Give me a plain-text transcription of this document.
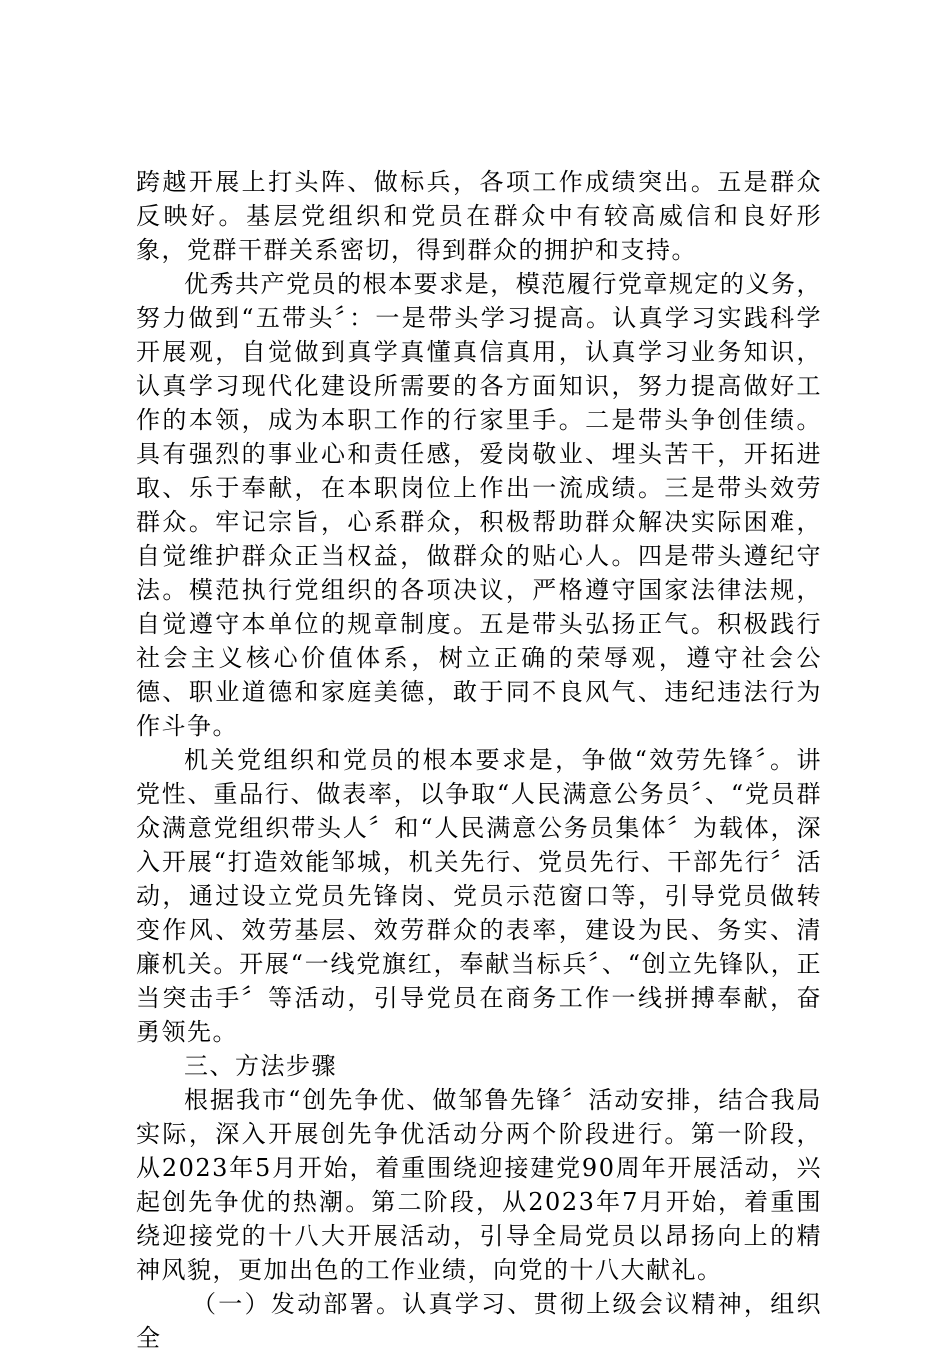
跨越开展上打头阵、做标兵，各项工作成绩突出。五是群众反映好。基层党组织和党员在群众中有较高威信和良好形象，党群干群关系密切，得到群众的拥护和支持。

优秀共产党员的根本要求是，模范履行党章规定的义务，努力做到“五带头〞：一是带头学习提高。认真学习实践科学开展观，自觉做到真学真懂真信真用，认真学习业务知识，认真学习现代化建设所需要的各方面知识，努力提高做好工作的本领，成为本职工作的行家里手。二是带头争创佳绩。具有强烈的事业心和责任感，爱岗敬业、埋头苦干，开拓进取、乐于奉献，在本职岗位上作出一流成绩。三是带头效劳群众。牢记宗旨，心系群众，积极帮助群众解决实际困难，自觉维护群众正当权益，做群众的贴心人。四是带头遵纪守法。模范执行党组织的各项决议，严格遵守国家法律法规，自觉遵守本单位的规章制度。五是带头弘扬正气。积极践行社会主义核心价值体系，树立正确的荣辱观，遵守社会公德、职业道德和家庭美德，敢于同不良风气、违纪违法行为作斗争。

机关党组织和党员的根本要求是，争做“效劳先锋〞。讲党性、重品行、做表率，以争取“人民满意公务员〞、“党员群众满意党组织带头人〞和“人民满意公务员集体〞为载体，深入开展“打造效能邹城，机关先行、党员先行、干部先行〞活动，通过设立党员先锋岗、党员示范窗口等，引导党员做转变作风、效劳基层、效劳群众的表率，建设为民、务实、清廉机关。开展“一线党旗红，奉献当标兵〞、“创立先锋队，正当突击手〞等活动，引导党员在商务工作一线拼搏奉献，奋勇领先。

三、方法步骤

根据我市“创先争优、做邹鲁先锋〞活动安排，结合我局实际，深入开展创先争优活动分两个阶段进行。第一阶段，从2023年5月开始，着重围绕迎接建党90周年开展活动，兴起创先争优的热潮。第二阶段，从2023年7月开始，着重围绕迎接党的十八大开展活动，引导全局党员以昂扬向上的精神风貌，更加出色的工作业绩，向党的十八大献礼。

（一）发动部署。认真学习、贯彻上级会议精神，组织全
